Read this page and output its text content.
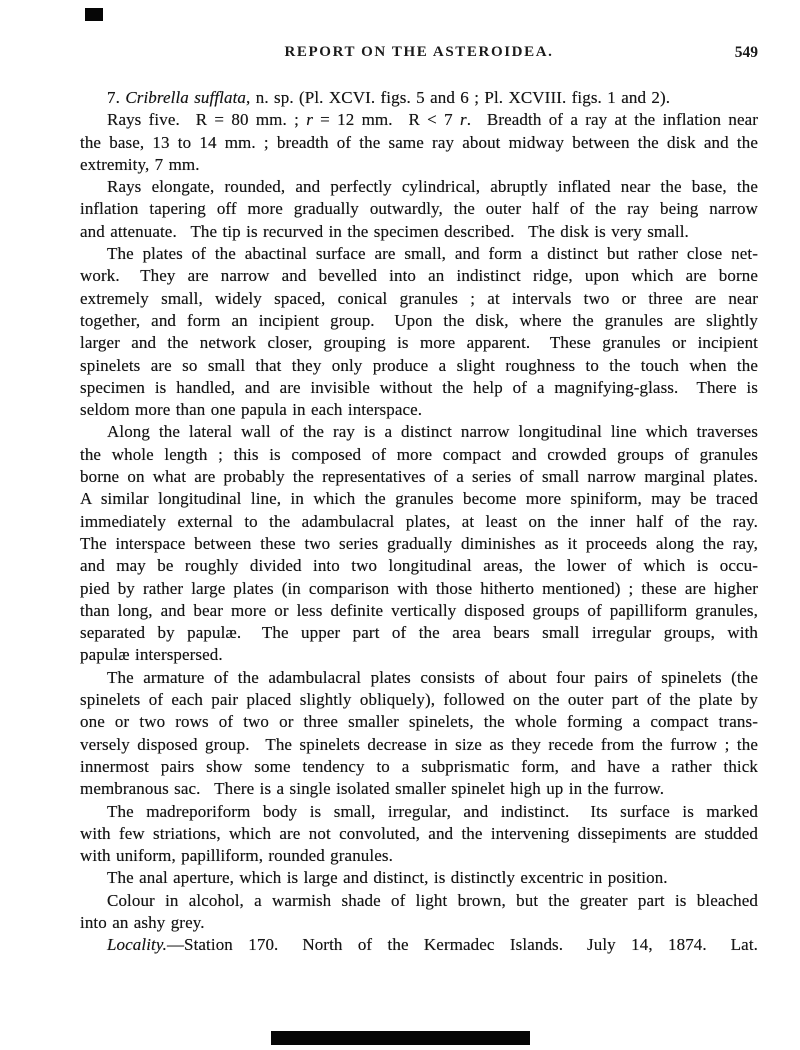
REPORT ON THE ASTEROIDEA.	549
7. Cribrella sufflata, n. sp. (Pl. XCVI. figs. 5 and 6 ; Pl. XCVIII. figs. 1 and 2).
Rays five.  R = 80 mm. ; r = 12 mm.  R < 7 r.  Breadth of a ray at the inflation near
the base, 13 to 14 mm. ; breadth of the same ray about midway between the disk and the
extremity, 7 mm.
Rays elongate, rounded, and perfectly cylindrical, abruptly inflated near the base, the
inflation tapering off more gradually outwardly, the outer half of the ray being narrow
and attenuate.  The tip is recurved in the specimen described.  The disk is very small.
The plates of the abactinal surface are small, and form a distinct but rather close net-
work.  They are narrow and bevelled into an indistinct ridge, upon which are borne
extremely small, widely spaced, conical granules ; at intervals two or three are near
together, and form an incipient group.  Upon the disk, where the granules are slightly
larger and the network closer, grouping is more apparent.  These granules or incipient
spinelets are so small that they only produce a slight roughness to the touch when the
specimen is handled, and are invisible without the help of a magnifying-glass.  There is
seldom more than one papula in each interspace.
Along the lateral wall of the ray is a distinct narrow longitudinal line which traverses
the whole length ; this is composed of more compact and crowded groups of granules
borne on what are probably the representatives of a series of small narrow marginal plates.
A similar longitudinal line, in which the granules become more spiniform, may be traced
immediately external to the adambulacral plates, at least on the inner half of the ray.
The interspace between these two series gradually diminishes as it proceeds along the ray,
and may be roughly divided into two longitudinal areas, the lower of which is occu-
pied by rather large plates (in comparison with those hitherto mentioned) ; these are higher
than long, and bear more or less definite vertically disposed groups of papilliform granules,
separated by papulæ.  The upper part of the area bears small irregular groups, with
papulæ interspersed.
The armature of the adambulacral plates consists of about four pairs of spinelets (the
spinelets of each pair placed slightly obliquely), followed on the outer part of the plate by
one or two rows of two or three smaller spinelets, the whole forming a compact trans-
versely disposed group.  The spinelets decrease in size as they recede from the furrow ; the
innermost pairs show some tendency to a subprismatic form, and have a rather thick
membranous sac.  There is a single isolated smaller spinelet high up in the furrow.
The madreporiform body is small, irregular, and indistinct.  Its surface is marked
with few striations, which are not convoluted, and the intervening dissepiments are studded
with uniform, papilliform, rounded granules.
The anal aperture, which is large and distinct, is distinctly excentric in position.
Colour in alcohol, a warmish shade of light brown, but the greater part is bleached
into an ashy grey.
Locality.—Station 170.  North of the Kermadec Islands.  July 14, 1874.  Lat.
